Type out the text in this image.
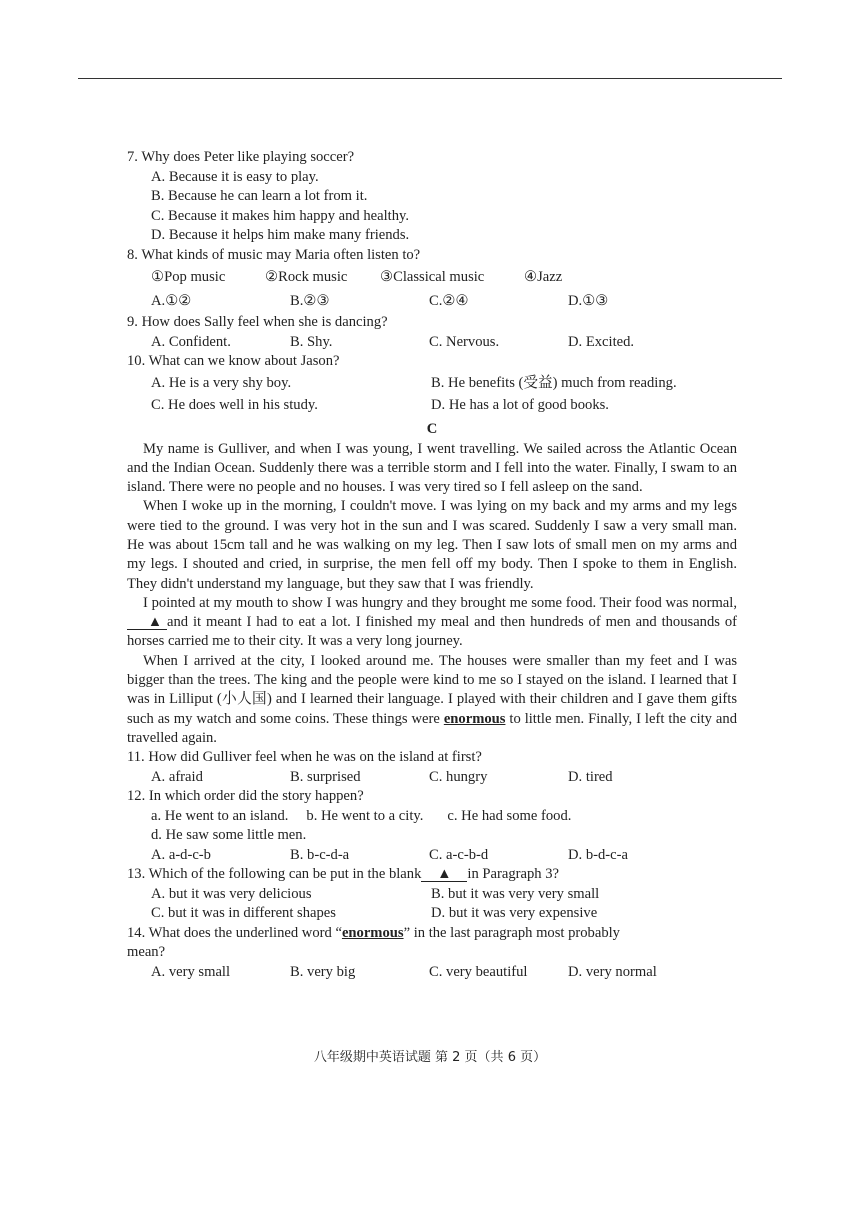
7. Why does Peter like playing soccer?
A. Because it is easy to play.
B. Because he can learn a lot from it.
C. Because it makes him happy and healthy.
D. Because it helps him make many friends.
8. What kinds of music may Maria often listen to?
①Pop music	②Rock music	③Classical music	④Jazz
A.①②	B.②③	C.②④	D.①③
9. How does Sally feel when she is dancing?
A. Confident.	B. Shy.	C. Nervous.	D. Excited.
10. What can we know about Jason?
A. He is a very shy boy.	B. He benefits (受益) much from reading.
C. He does well in his study.	D. He has a lot of good books.
C

My name is Gulliver, and when I was young, I went travelling. We sailed across the Atlantic Ocean and the Indian Ocean. Suddenly there was a terrible storm and I fell into the water. Finally, I swam to an island. There were no people and no houses. I was very tired so I fell asleep on the sand.

When I woke up in the morning, I couldn't move. I was lying on my back and my arms and my legs were tied to the ground. I was very hot in the sun and I was scared. Suddenly I saw a very small man. He was about 15cm tall and he was walking on my leg. Then I saw lots of small men on my arms and my legs. I shouted and cried, in surprise, the men fell off my body. Then I spoke to them in English. They didn't understand my language, but they saw that I was friendly.

I pointed at my mouth to show I was hungry and they brought me some food. Their food was normal, ▲ and it meant I had to eat a lot. I finished my meal and then hundreds of men and thousands of horses carried me to their city. It was a very long journey.

When I arrived at the city, I looked around me. The houses were smaller than my feet and I was bigger than the trees. The king and the people were kind to me so I stayed on the island. I learned that I was in Lilliput (小人国) and I learned their language. I played with their children and I gave them gifts such as my watch and some coins. These things were enormous to little men. Finally, I left the city and travelled again.

11. How did Gulliver feel when he was on the island at first?
A. afraid	B. surprised	C. hungry	D. tired
12. In which order did the story happen?
a. He went to an island. b. He went to a city. c. He had some food.
d. He saw some little men.
A. a-d-c-b	B. b-c-d-a	C. a-c-b-d	D. b-d-c-a
13. Which of the following can be put in the blank ▲ in Paragraph 3?
A. but it was very delicious	B. but it was very very small
C. but it was in different shapes	D. but it was very expensive
14. What does the underlined word “enormous” in the last paragraph most probably
mean?
A. very small	B. very big	C. very beautiful	D. very normal
八年级期中英语试题 第 2 页（共 6 页）
